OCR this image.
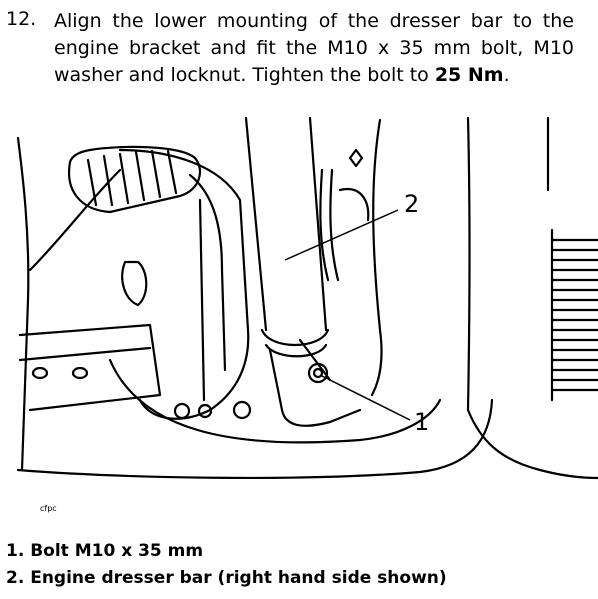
12. Align the lower mounting of the dresser bar to the engine bracket and fit the M10 x 35 mm bolt, M10 washer and locknut. Tighten the bolt to 25 Nm.
2
1
cfpc
1. Bolt M10 x 35 mm
2. Engine dresser bar (right hand side shown)
